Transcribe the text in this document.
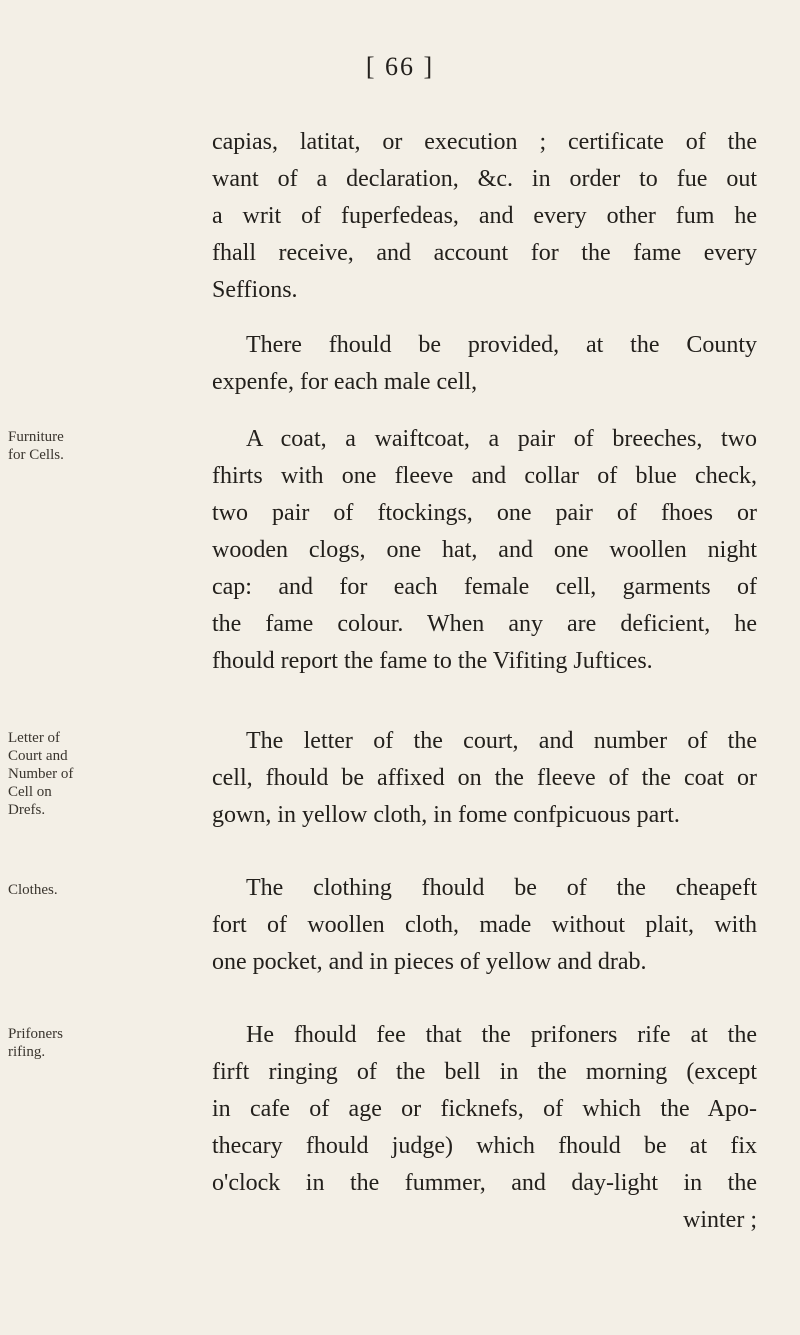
[ 66 ]
capias, latitat, or execution ; certificate of the
want of a declaration, &c. in order to fue out
a writ of fuperfedeas, and every other fum he
fhall receive, and account for the fame every
Seffions.
There fhould be provided, at the County
expenfe, for each male cell,
A coat, a waiftcoat, a pair of breeches, two
fhirts with one fleeve and collar of blue check,
two pair of ftockings, one pair of fhoes or
wooden clogs, one hat, and one woollen night
cap: and for each female cell, garments of
the fame colour. When any are deficient, he
fhould report the fame to the Vifiting Juftices.
The letter of the court, and number of the
cell, fhould be affixed on the fleeve of the coat or
gown, in yellow cloth, in fome confpicuous part.
The clothing fhould be of the cheapeft
fort of woollen cloth, made without plait, with
one pocket, and in pieces of yellow and drab.
He fhould fee that the prifoners rife at the
firft ringing of the bell in the morning (except
in cafe of age or ficknefs, of which the Apo-
thecary fhould judge) which fhould be at fix
o'clock in the fummer, and day-light in the
winter ;
Furniture
for Cells.
Letter of
Court and
Number of
Cell on
Drefs.
Clothes.
Prifoners
rifing.
